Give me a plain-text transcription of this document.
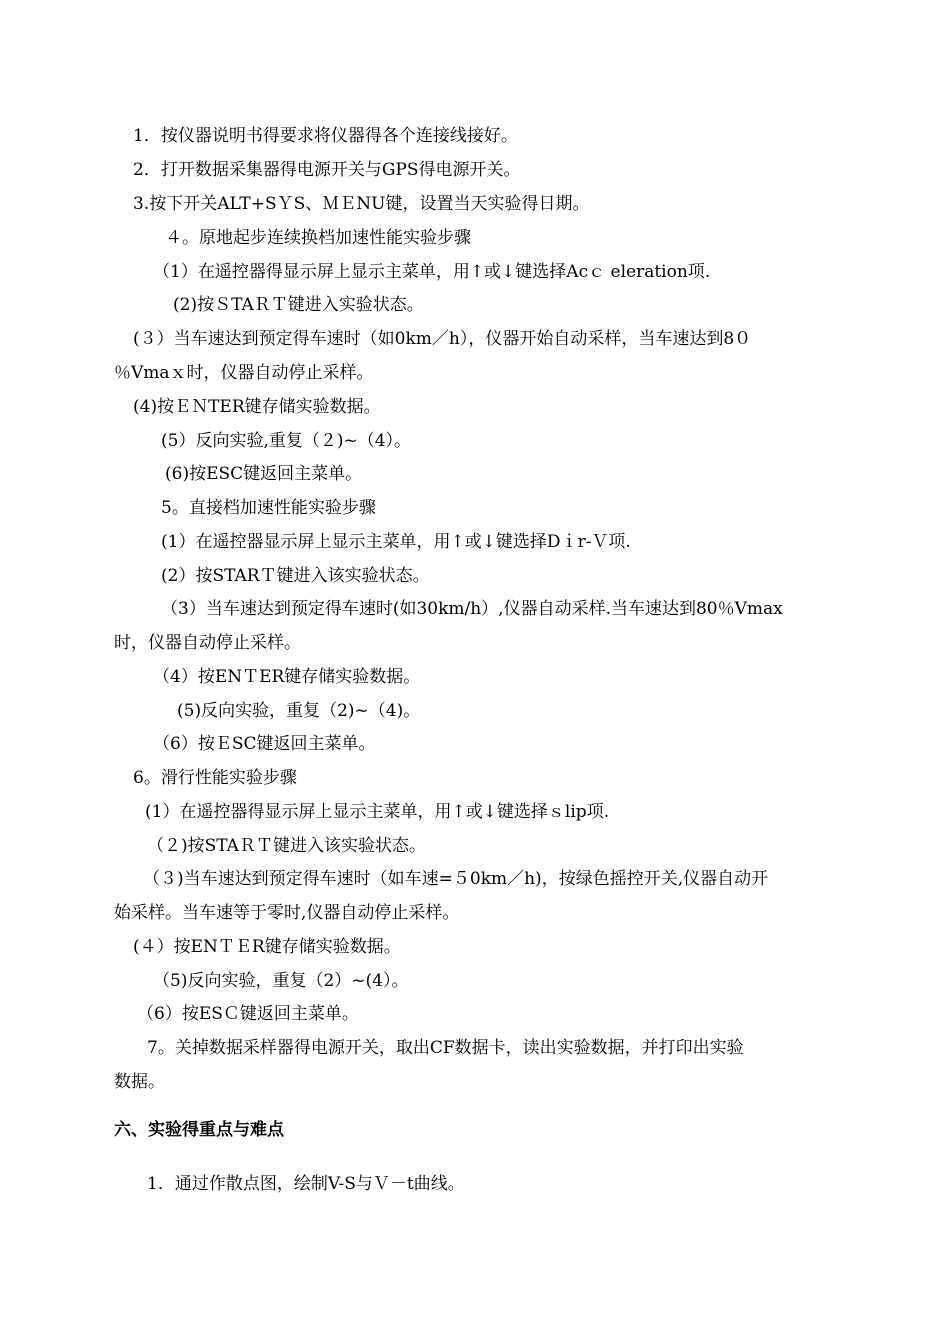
1．按仪器说明书得要求将仪器得各个连接线接好。
2．打开数据采集器得电源开关与GPS得电源开关。
3.按下开关ALT+SＹS、ＭＥNU键，设置当天实验得日期。
４。原地起步连续换档加速性能实验步骤
（1）在遥控器得显示屏上显示主菜单，用↑或↓键选择Acｃ eleration项.
(2)按ＳTAＲＴ键进入实验状态。
(３）当车速达到预定得车速时（如0km／h），仪器开始自动采样，当车速达到8０
％Vmaｘ时，仪器自动停止采样。
(4)按ＥＮTER键存储实验数据。
(5）反向实验,重复（２)~（4）。
(6)按ESC键返回主菜单。
5。直接档加速性能实验步骤
(1）在遥控器显示屏上显示主菜单，用↑或↓键选择Dｉr-Ｖ项.
(2）按STARＴ键进入该实验状态。
（3）当车速达到预定得车速时(如30km/h）,仪器自动采样.当车速达到80％Vmax
时，仪器自动停止采样。
（4）按ENＴER键存储实验数据。
(5)反向实验，重复（2)~（4)。
（6）按ＥSC键返回主菜单。
6。滑行性能实验步骤
(1）在遥控器得显示屏上显示主菜单，用↑或↓键选择ｓlip项.
（２)按STAＲＴ键进入该实验状态。
（３)当车速达到预定得车速时（如车速=５0km／h)，按绿色摇控开关,仪器自动开
始采样。当车速等于零时,仪器自动停止采样。
(４）按ENＴＥR键存储实验数据。
（5)反向实验，重复（2）~(4）。
（6）按ESＣ键返回主菜单。
7。关掉数据采样器得电源开关，取出CF数据卡，读出实验数据，并打印出实验
数据。
六、实验得重点与难点
1．通过作散点图，绘制V-S与Ｖ－t曲线。
